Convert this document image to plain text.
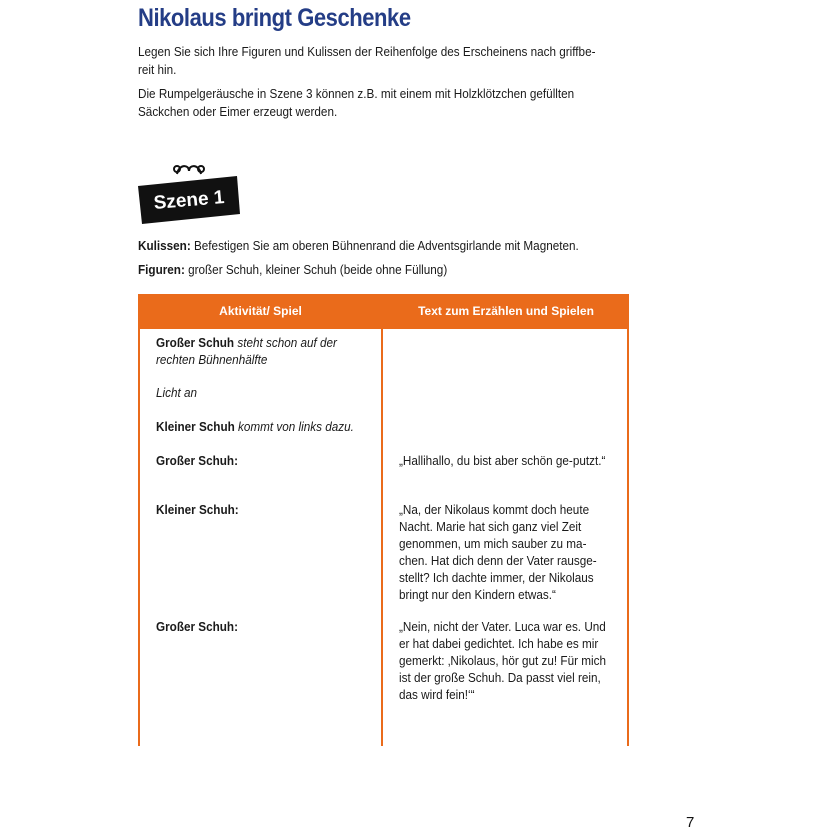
Nikolaus bringt Geschenke
Legen Sie sich Ihre Figuren und Kulissen der Reihenfolge des Erscheinens nach griffbe-
reit hin.
Die Rumpelgeräusche in Szene 3 können z.B. mit einem mit Holzklötzchen gefüllten
Säckchen oder Eimer erzeugt werden.
Szene 1
Kulissen: Befestigen Sie am oberen Bühnenrand die Adventsgirlande mit Magneten.
Figuren: großer Schuh, kleiner Schuh (beide ohne Füllung)
Aktivität/ Spiel	Text zum Erzählen und Spielen
Großer Schuh steht schon auf der rechten Bühnenhälfte
Licht an
Kleiner Schuh kommt von links dazu.
Großer Schuh:	„Hallihallo, du bist aber schön ge-putzt.“
Kleiner Schuh:	„Na, der Nikolaus kommt doch heute Nacht. Marie hat sich ganz viel Zeit genommen, um mich sauber zu ma-chen. Hat dich denn der Vater rausge-stellt? Ich dachte immer, der Nikolaus bringt nur den Kindern etwas.“
Großer Schuh:	„Nein, nicht der Vater. Luca war es. Und er hat dabei gedichtet. Ich habe es mir gemerkt: ‚Nikolaus, hör gut zu! Für mich ist der große Schuh. Da passt viel rein, das wird fein!‘“
7
